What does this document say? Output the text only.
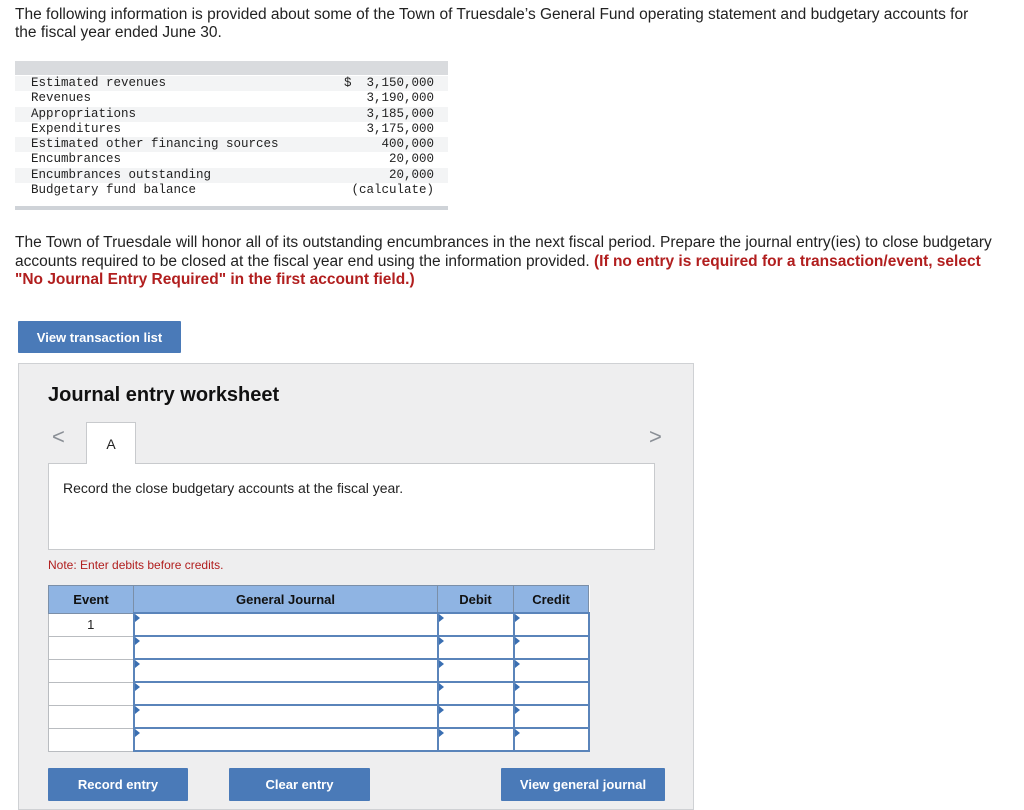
The following information is provided about some of the Town of Truesdale’s General Fund operating statement and budgetary accounts for the fiscal year ended June 30.

Estimated revenues	$  3,150,000
Revenues	3,190,000
Appropriations	3,185,000
Expenditures	3,175,000
Estimated other financing sources	400,000
Encumbrances	20,000
Encumbrances outstanding	20,000
Budgetary fund balance	(calculate)

The Town of Truesdale will honor all of its outstanding encumbrances in the next fiscal period. Prepare the journal entry(ies) to close budgetary accounts required to be closed at the fiscal year end using the information provided. (If no entry is required for a transaction/event, select "No Journal Entry Required" in the first account field.)

View transaction list
Journal entry worksheet
<	A	>
Record the close budgetary accounts at the fiscal year.
Note: Enter debits before credits.
Event	General Journal	Debit	Credit
1			

Record entry	Clear entry	View general journal
